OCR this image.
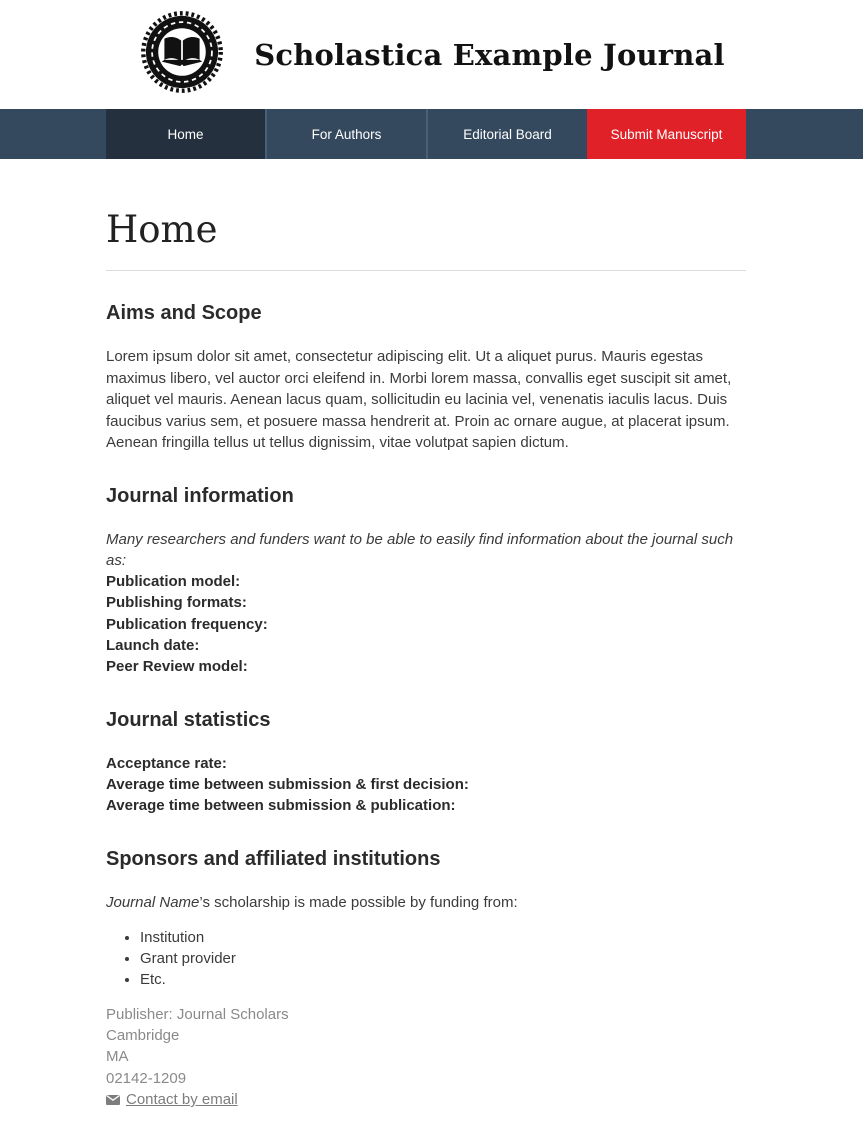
Scholastica Example Journal
Home	For Authors	Editorial Board	Submit Manuscript
Home
Aims and Scope

Lorem ipsum dolor sit amet, consectetur adipiscing elit. Ut a aliquet purus. Mauris egestas maximus libero, vel auctor orci eleifend in. Morbi lorem massa, convallis eget suscipit sit amet, aliquet vel mauris. Aenean lacus quam, sollicitudin eu lacinia vel, venenatis iaculis lacus. Duis faucibus varius sem, et posuere massa hendrerit at. Proin ac ornare augue, at placerat ipsum. Aenean fringilla tellus ut tellus dignissim, vitae volutpat sapien dictum.

Journal information

Many researchers and funders want to be able to easily find information about the journal such as:

Publication model:
Publishing formats:
Publication frequency:
Launch date:
Peer Review model:
Journal statistics
Acceptance rate:
Average time between submission & first decision:
Average time between submission & publication:
Sponsors and affiliated institutions

Journal Name’s scholarship is made possible by funding from:

• Institution
• Grant provider
• Etc.
Publisher: Journal Scholars
Cambridge
MA
02142-1209
Contact by email
